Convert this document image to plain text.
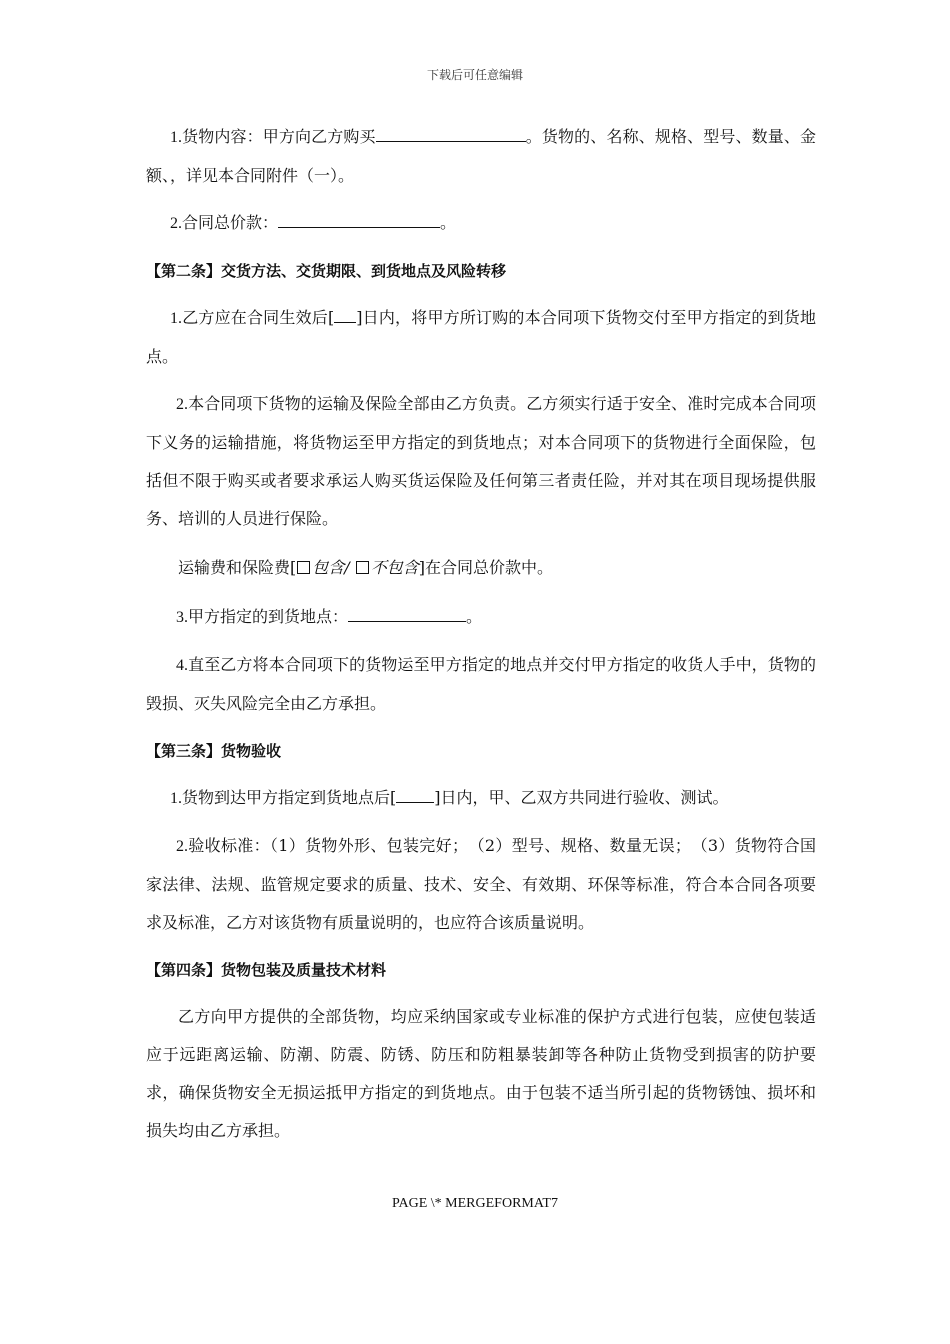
下载后可任意编辑

1.货物内容：甲方向乙方购买	。货物的、名称、规格、型号、数量、金额、，详见本合同附件（一）。

2.合同总价款：	。

【第二条】交货方法、交货期限、到货地点及风险转移

1.乙方应在合同生效后[ ]日内，将甲方所订购的本合同项下货物交付至甲方指定的到货地点。

2.本合同项下货物的运输及保险全部由乙方负责。乙方须实行适于安全、准时完成本合同项下义务的运输措施，将货物运至甲方指定的到货地点；对本合同项下的货物进行全面保险，包括但不限于购买或者要求承运人购买货运保险及任何第三者责任险，并对其在项目现场提供服务、培训的人员进行保险。

运输费和保险费[ 包含/ 不包含]在合同总价款中。

3.甲方指定的到货地点：	。

4.直至乙方将本合同项下的货物运至甲方指定的地点并交付甲方指定的收货人手中，货物的毁损、灭失风险完全由乙方承担。

【第三条】货物验收

1.货物到达甲方指定到货地点后[ ]日内，甲、乙双方共同进行验收、测试。

2.验收标准：（1）货物外形、包装完好；　（2）型号、规格、数量无误；　（3）货物符合国家法律、法规、监管规定要求的质量、技术、安全、有效期、环保等标准，符合本合同各项要求及标准，乙方对该货物有质量说明的，也应符合该质量说明。

【第四条】货物包装及质量技术材料

乙方向甲方提供的全部货物，均应采纳国家或专业标准的保护方式进行包装，应使包装适应于远距离运输、防潮、防震、防锈、防压和防粗暴装卸等各种防止货物受到损害的防护要求，确保货物安全无损运抵甲方指定的到货地点。由于包装不适当所引起的货物锈蚀、损坏和损失均由乙方承担。

PAGE \* MERGEFORMAT7
